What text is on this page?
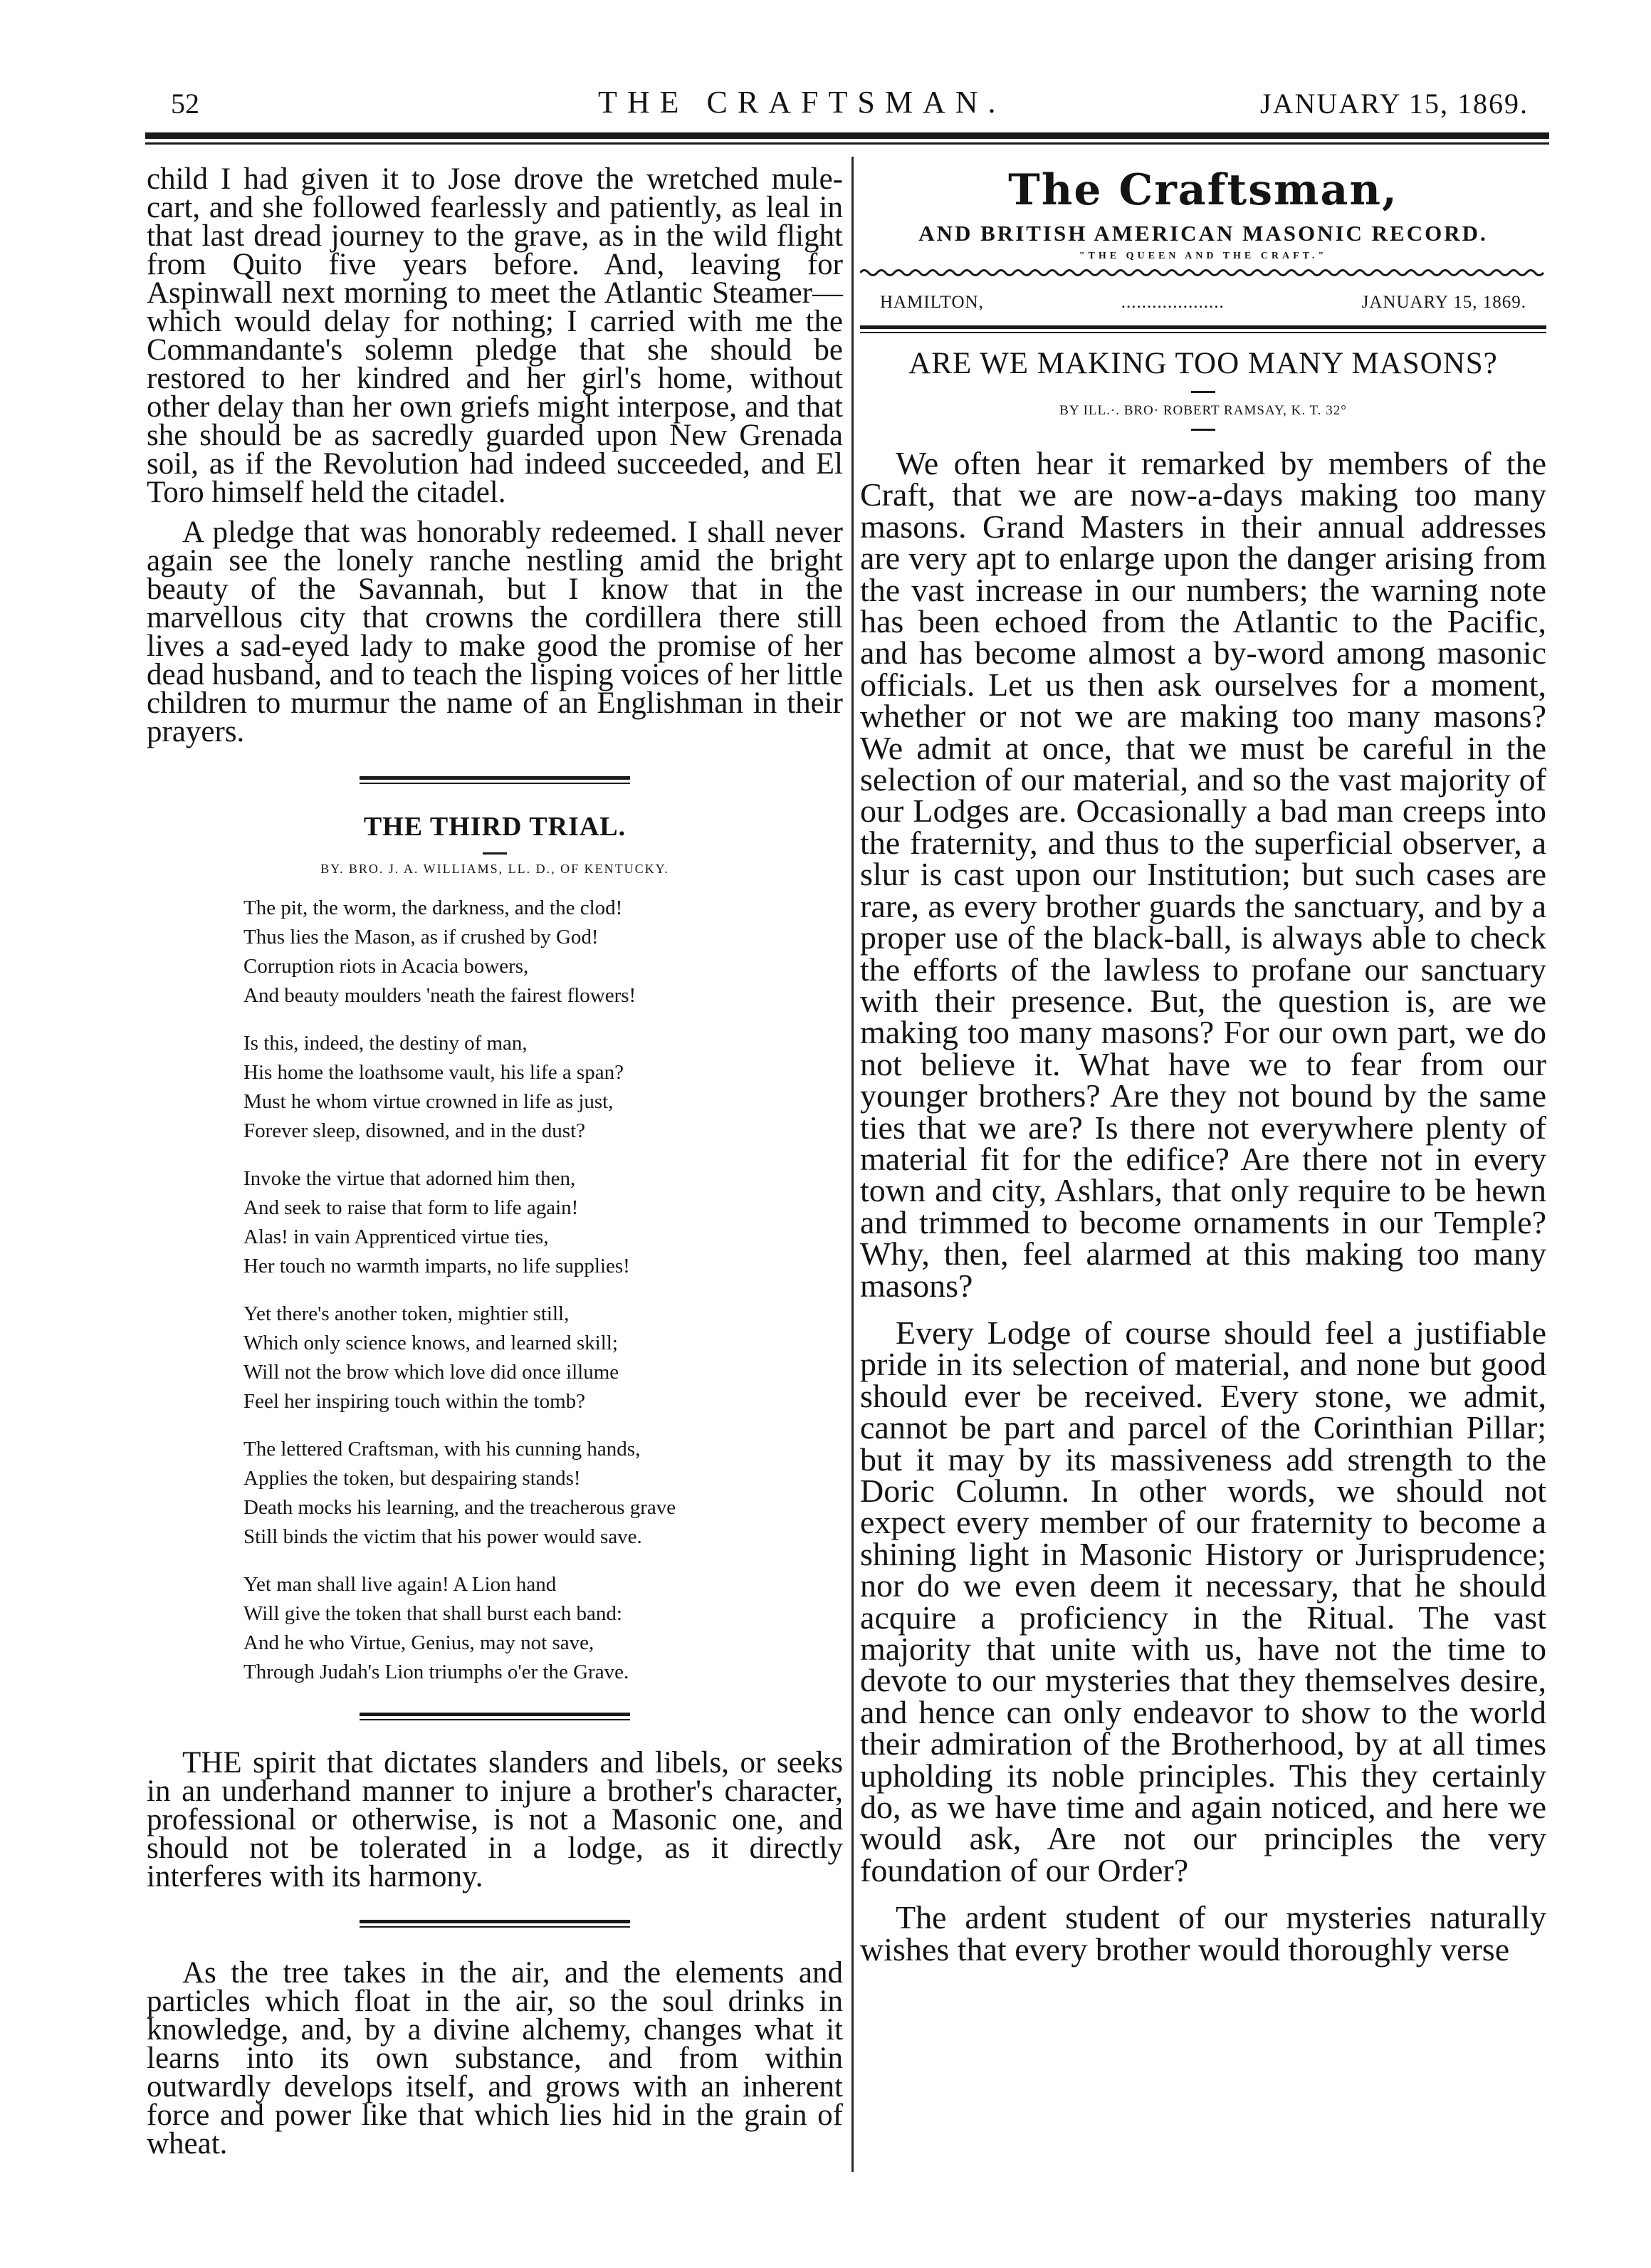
52	THE CRAFTSMAN.	JANUARY 15, 1869.

child I had given it to Jose drove the wretched mule-cart, and she followed fearlessly and patiently, as leal in that last dread journey to the grave, as in the wild flight from Quito five years before. And, leaving for Aspinwall next morning to meet the Atlantic Steamer—which would delay for nothing; I carried with me the Commandante's solemn pledge that she should be restored to her kindred and her girl's home, without other delay than her own griefs might interpose, and that she should be as sacredly guarded upon New Grenada soil, as if the Revolution had indeed succeeded, and El Toro himself held the citadel.

A pledge that was honorably redeemed. I shall never again see the lonely ranche nestling amid the bright beauty of the Savannah, but I know that in the marvellous city that crowns the cordillera there still lives a sad-eyed lady to make good the promise of her dead husband, and to teach the lisping voices of her little children to murmur the name of an Englishman in their prayers.

THE THIRD TRIAL.
BY. BRO. J. A. WILLIAMS, LL. D., OF KENTUCKY.
The pit, the worm, the darkness, and the clod!
Thus lies the Mason, as if crushed by God!
Corruption riots in Acacia bowers,
And beauty moulders 'neath the fairest flowers!
Is this, indeed, the destiny of man,
His home the loathsome vault, his life a span?
Must he whom virtue crowned in life as just,
Forever sleep, disowned, and in the dust?
Invoke the virtue that adorned him then,
And seek to raise that form to life again!
Alas! in vain Apprenticed virtue ties,
Her touch no warmth imparts, no life supplies!
Yet there's another token, mightier still,
Which only science knows, and learned skill;
Will not the brow which love did once illume
Feel her inspiring touch within the tomb?
The lettered Craftsman, with his cunning hands,
Applies the token, but despairing stands!
Death mocks his learning, and the treacherous grave
Still binds the victim that his power would save.
Yet man shall live again! A Lion hand
Will give the token that shall burst each band:
And he who Virtue, Genius, may not save,
Through Judah's Lion triumphs o'er the Grave.

THE spirit that dictates slanders and libels, or seeks in an underhand manner to injure a brother's character, professional or otherwise, is not a Masonic one, and should not be tolerated in a lodge, as it directly interferes with its harmony.

As the tree takes in the air, and the elements and particles which float in the air, so the soul drinks in knowledge, and, by a divine alchemy, changes what it learns into its own substance, and from within outwardly develops itself, and grows with an inherent force and power like that which lies hid in the grain of wheat.

The Craftsman,
AND BRITISH AMERICAN MASONIC RECORD.
"THE QUEEN AND THE CRAFT."
HAMILTON,	....................	JANUARY 15, 1869.
ARE WE MAKING TOO MANY MASONS?
BY ILL.·. BRO· ROBERT RAMSAY, K. T. 32°

We often hear it remarked by members of the Craft, that we are now-a-days making too many masons. Grand Masters in their annual addresses are very apt to enlarge upon the danger arising from the vast increase in our numbers; the warning note has been echoed from the Atlantic to the Pacific, and has become almost a by-word among masonic officials. Let us then ask ourselves for a moment, whether or not we are making too many masons? We admit at once, that we must be careful in the selection of our material, and so the vast majority of our Lodges are. Occasionally a bad man creeps into the fraternity, and thus to the superficial observer, a slur is cast upon our Institution; but such cases are rare, as every brother guards the sanctuary, and by a proper use of the black-ball, is always able to check the efforts of the lawless to profane our sanctuary with their presence. But, the question is, are we making too many masons? For our own part, we do not believe it. What have we to fear from our younger brothers? Are they not bound by the same ties that we are? Is there not everywhere plenty of material fit for the edifice? Are there not in every town and city, Ashlars, that only require to be hewn and trimmed to become ornaments in our Temple? Why, then, feel alarmed at this making too many masons?

Every Lodge of course should feel a justifiable pride in its selection of material, and none but good should ever be received. Every stone, we admit, cannot be part and parcel of the Corinthian Pillar; but it may by its massiveness add strength to the Doric Column. In other words, we should not expect every member of our fraternity to become a shining light in Masonic History or Jurisprudence; nor do we even deem it necessary, that he should acquire a proficiency in the Ritual. The vast majority that unite with us, have not the time to devote to our mysteries that they themselves desire, and hence can only endeavor to show to the world their admiration of the Brotherhood, by at all times upholding its noble principles. This they certainly do, as we have time and again noticed, and here we would ask, Are not our principles the very foundation of our Order?

The ardent student of our mysteries naturally wishes that every brother would thoroughly verse
